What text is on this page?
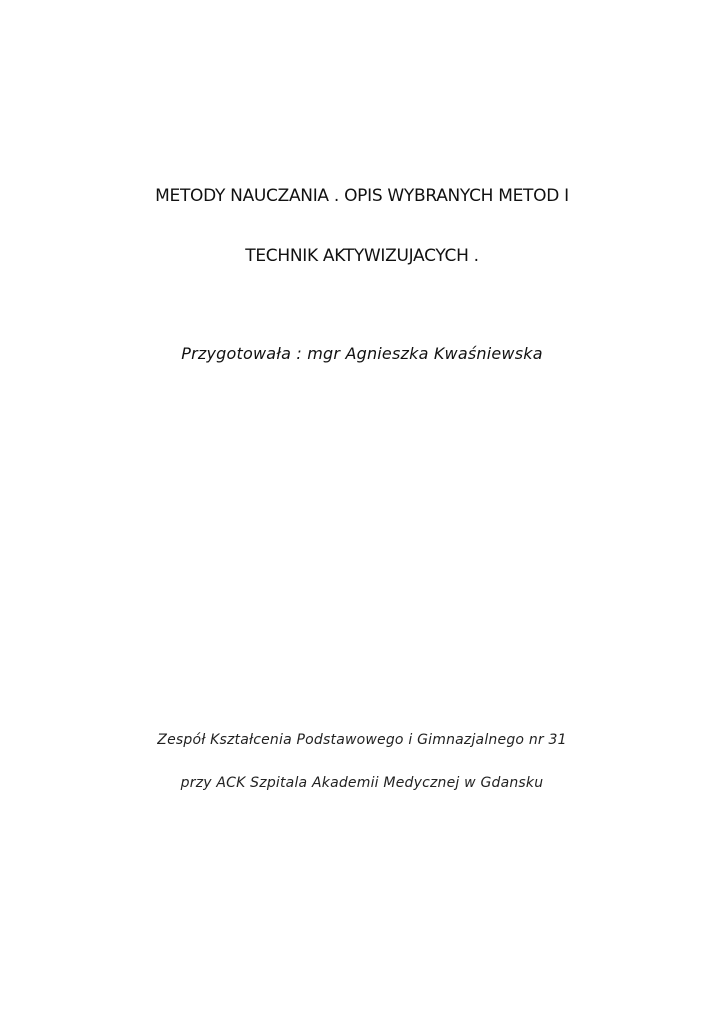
METODY NAUCZANIA . OPIS WYBRANYCH METOD I
TECHNIK AKTYWIZUJACYCH .
Przygotowała : mgr Agnieszka Kwaśniewska
Zespół Kształcenia Podstawowego i Gimnazjalnego nr 31
przy ACK Szpitala Akademii Medycznej w Gdansku
